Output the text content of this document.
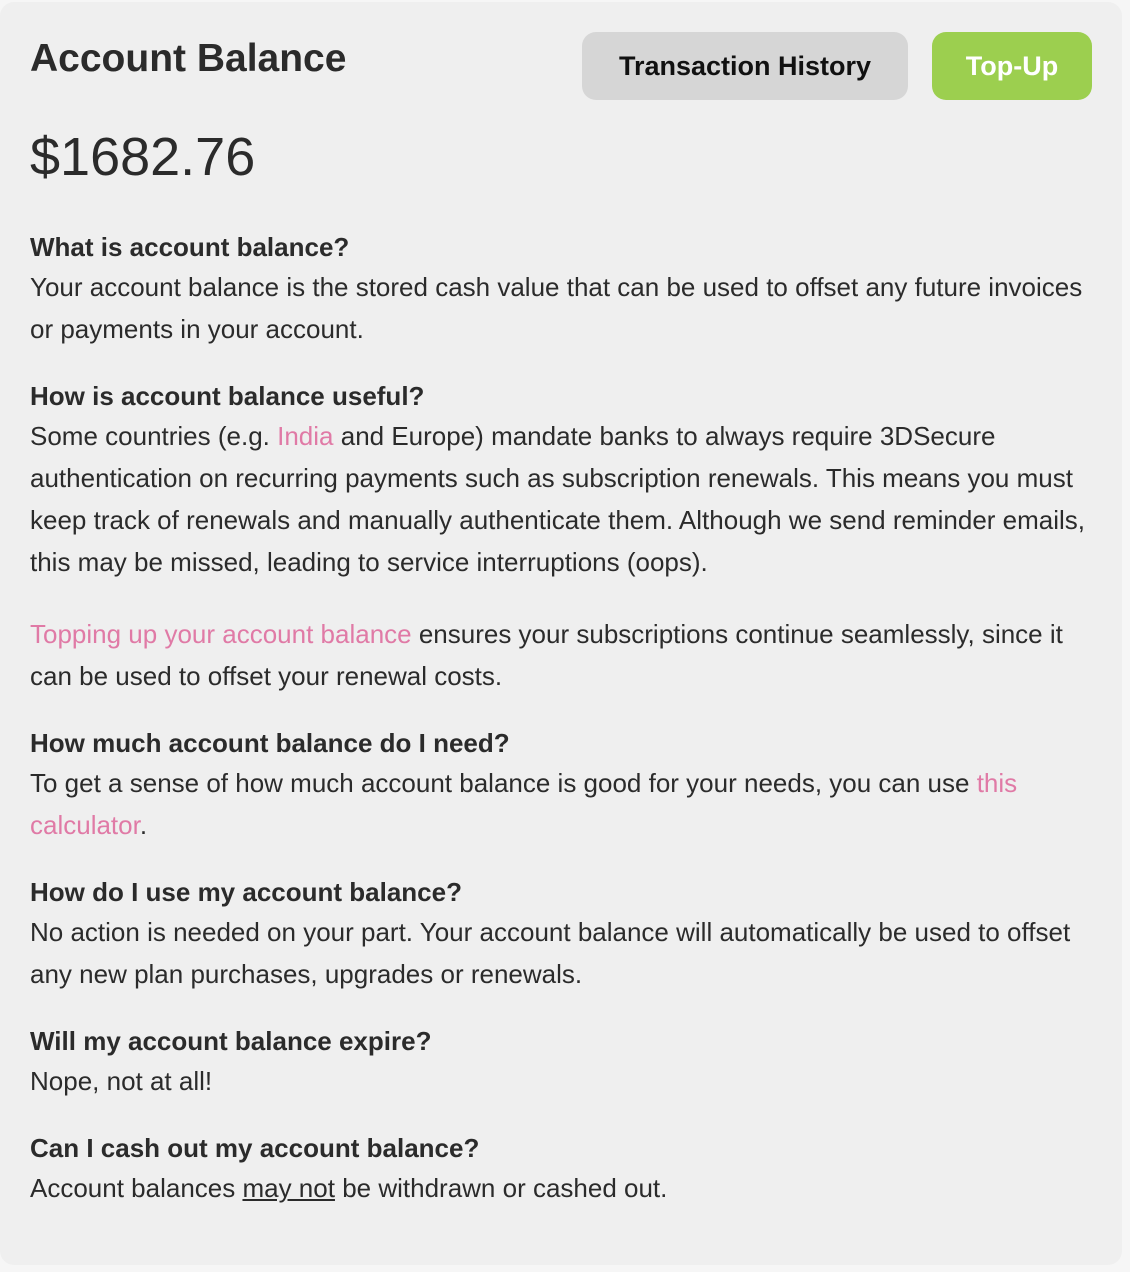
Account Balance	Transaction History	Top-Up
$1682.76
What is account balance?

Your account balance is the stored cash value that can be used to offset any future invoices or payments in your account.

How is account balance useful?

Some countries (e.g. India and Europe) mandate banks to always require 3DSecure authentication on recurring payments such as subscription renewals. This means you must keep track of renewals and manually authenticate them. Although we send reminder emails, this may be missed, leading to service interruptions (oops).

Topping up your account balance ensures your subscriptions continue seamlessly, since it can be used to offset your renewal costs.

How much account balance do I need?

To get a sense of how much account balance is good for your needs, you can use this calculator.

How do I use my account balance?

No action is needed on your part. Your account balance will automatically be used to offset any new plan purchases, upgrades or renewals.

Will my account balance expire?

Nope, not at all!

Can I cash out my account balance?

Account balances may not be withdrawn or cashed out.
